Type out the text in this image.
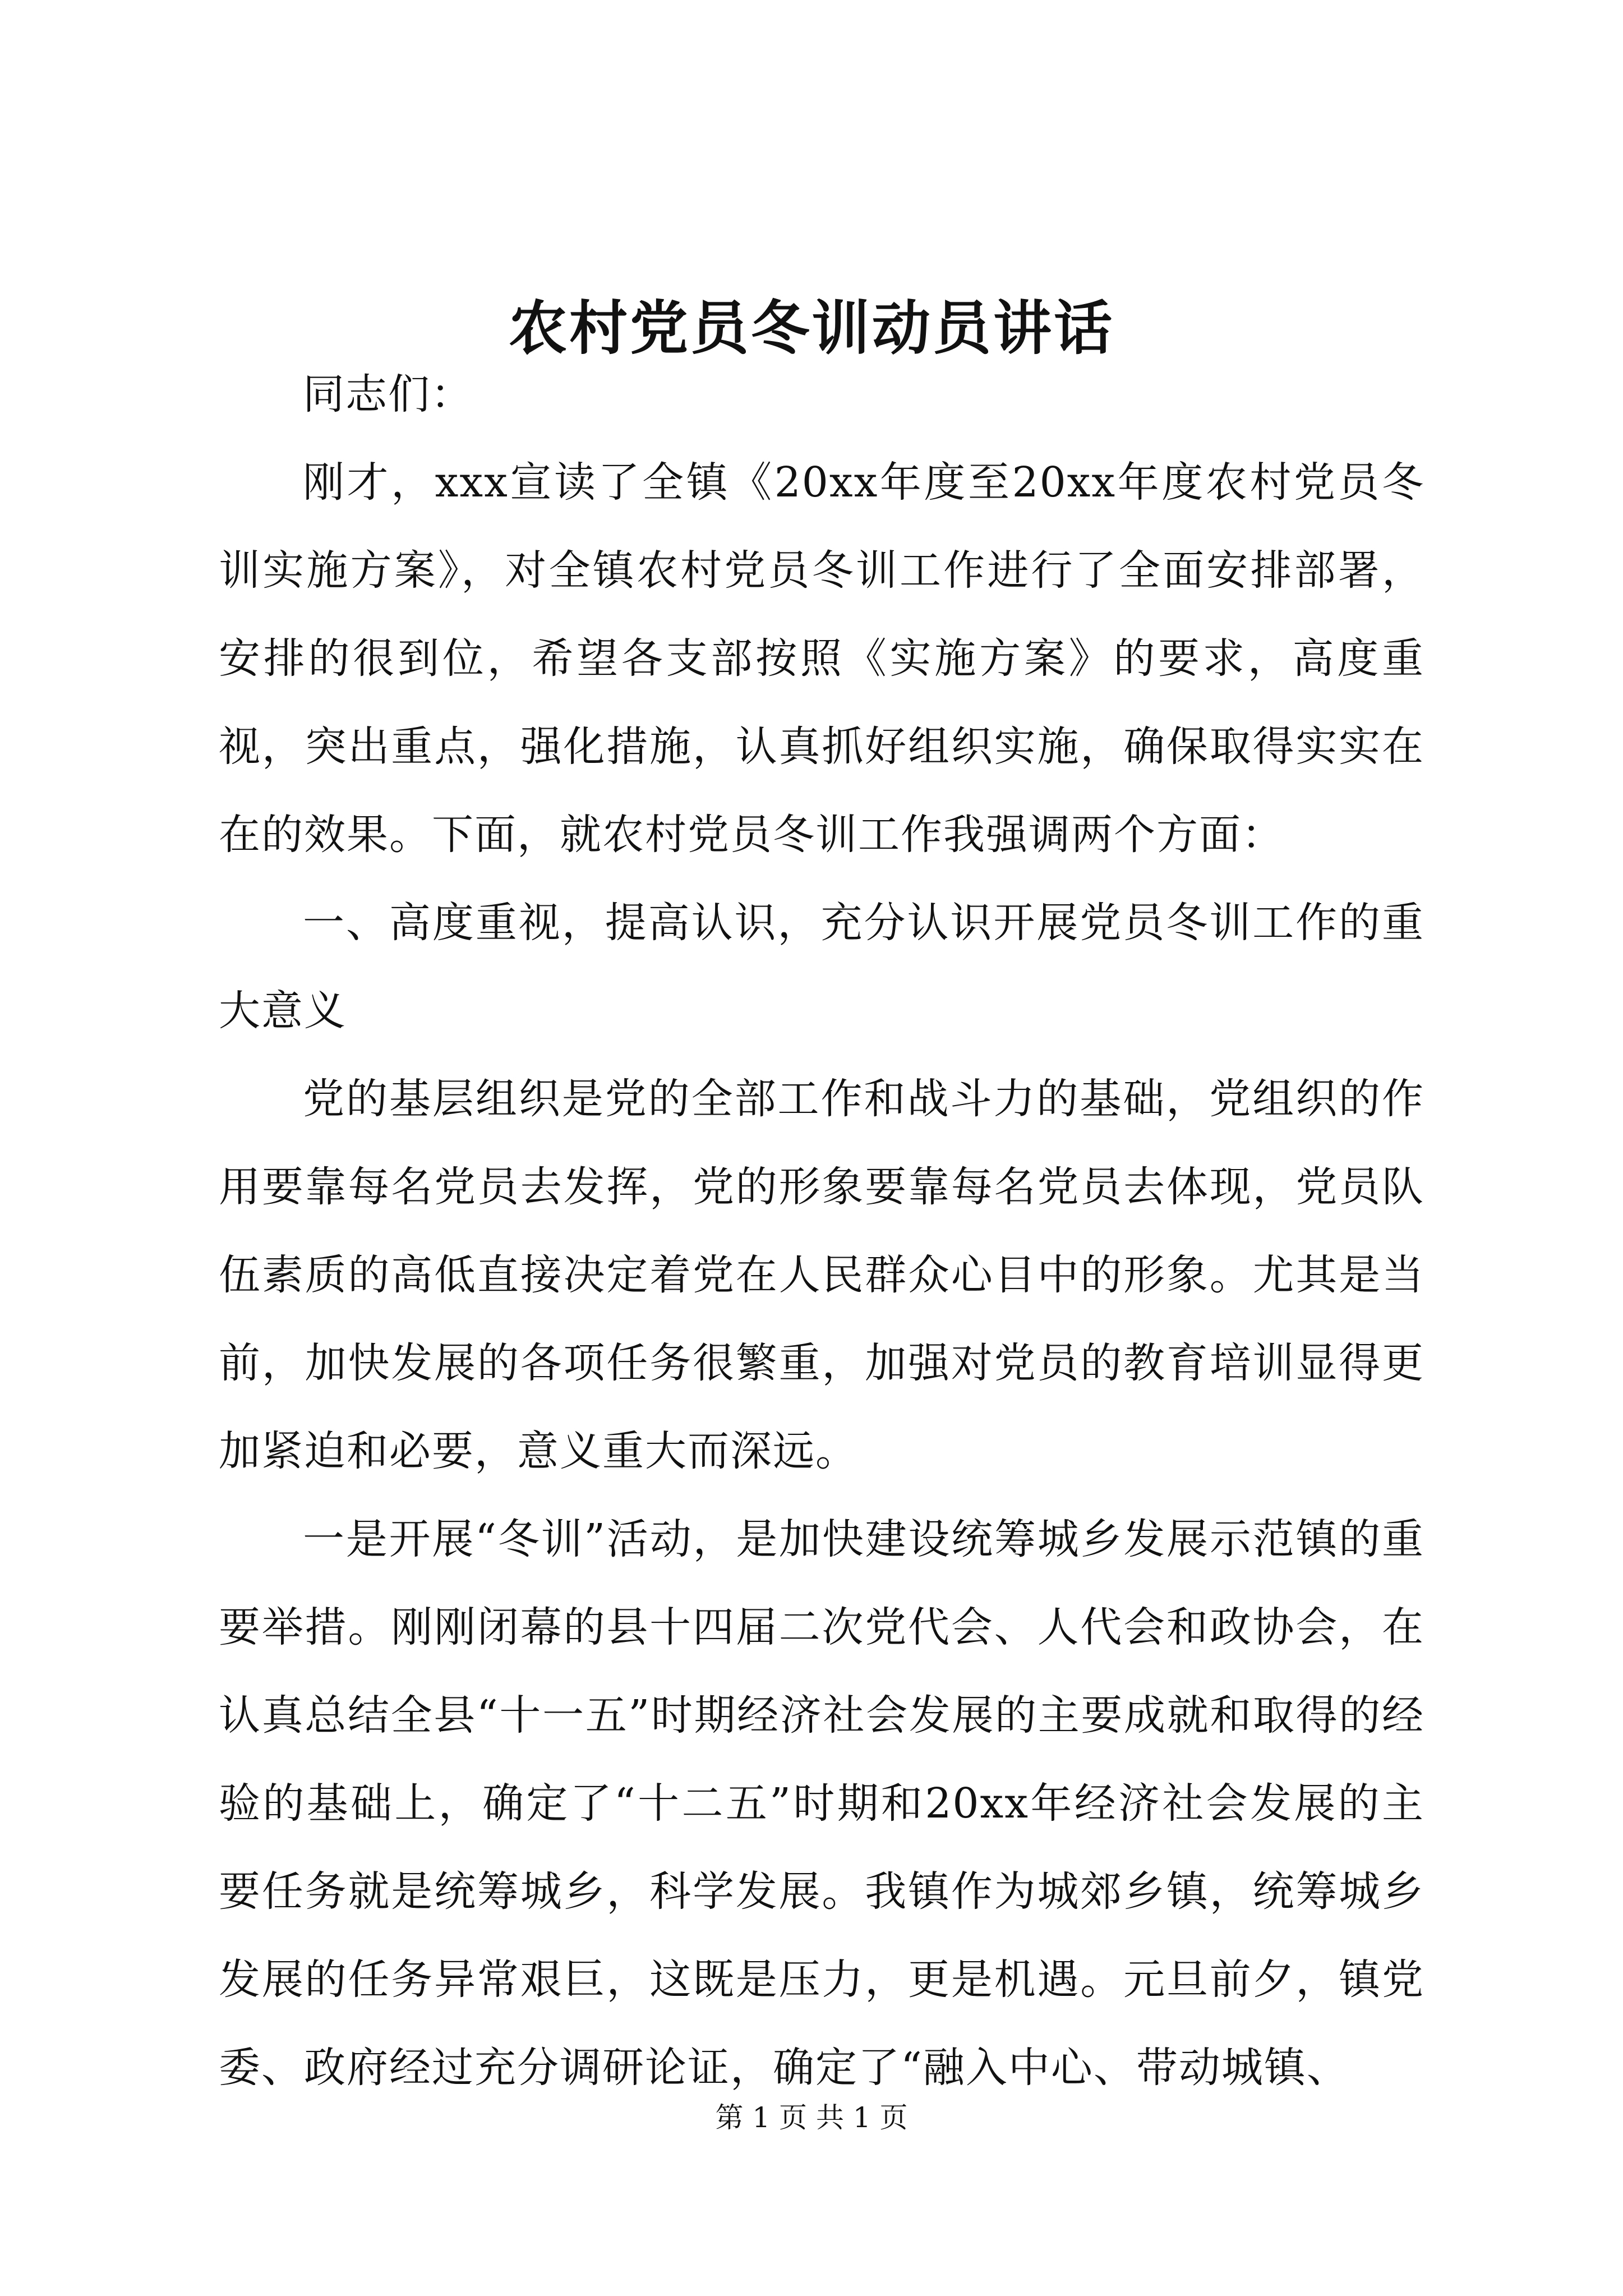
农村党员冬训动员讲话

同志们：

刚才，xxx宣读了全镇《20xx年度至20xx年度农村党员冬训实施方案》，对全镇农村党员冬训工作进行了全面安排部署，安排的很到位，希望各支部按照《实施方案》的要求，高度重视，突出重点，强化措施，认真抓好组织实施，确保取得实实在在的效果。下面，就农村党员冬训工作我强调两个方面：

一、高度重视，提高认识，充分认识开展党员冬训工作的重大意义

党的基层组织是党的全部工作和战斗力的基础，党组织的作用要靠每名党员去发挥，党的形象要靠每名党员去体现，党员队伍素质的高低直接决定着党在人民群众心目中的形象。尤其是当前，加快发展的各项任务很繁重，加强对党员的教育培训显得更加紧迫和必要，意义重大而深远。

一是开展“冬训”活动，是加快建设统筹城乡发展示范镇的重要举措。刚刚闭幕的县十四届二次党代会、人代会和政协会，在认真总结全县“十一五”时期经济社会发展的主要成就和取得的经验的基础上，确定了“十二五”时期和20xx年经济社会发展的主要任务就是统筹城乡，科学发展。我镇作为城郊乡镇，统筹城乡发展的任务异常艰巨，这既是压力，更是机遇。元旦前夕，镇党委、政府经过充分调研论证，确定了“融入中心、带动城镇、

第 1 页 共 1 页
